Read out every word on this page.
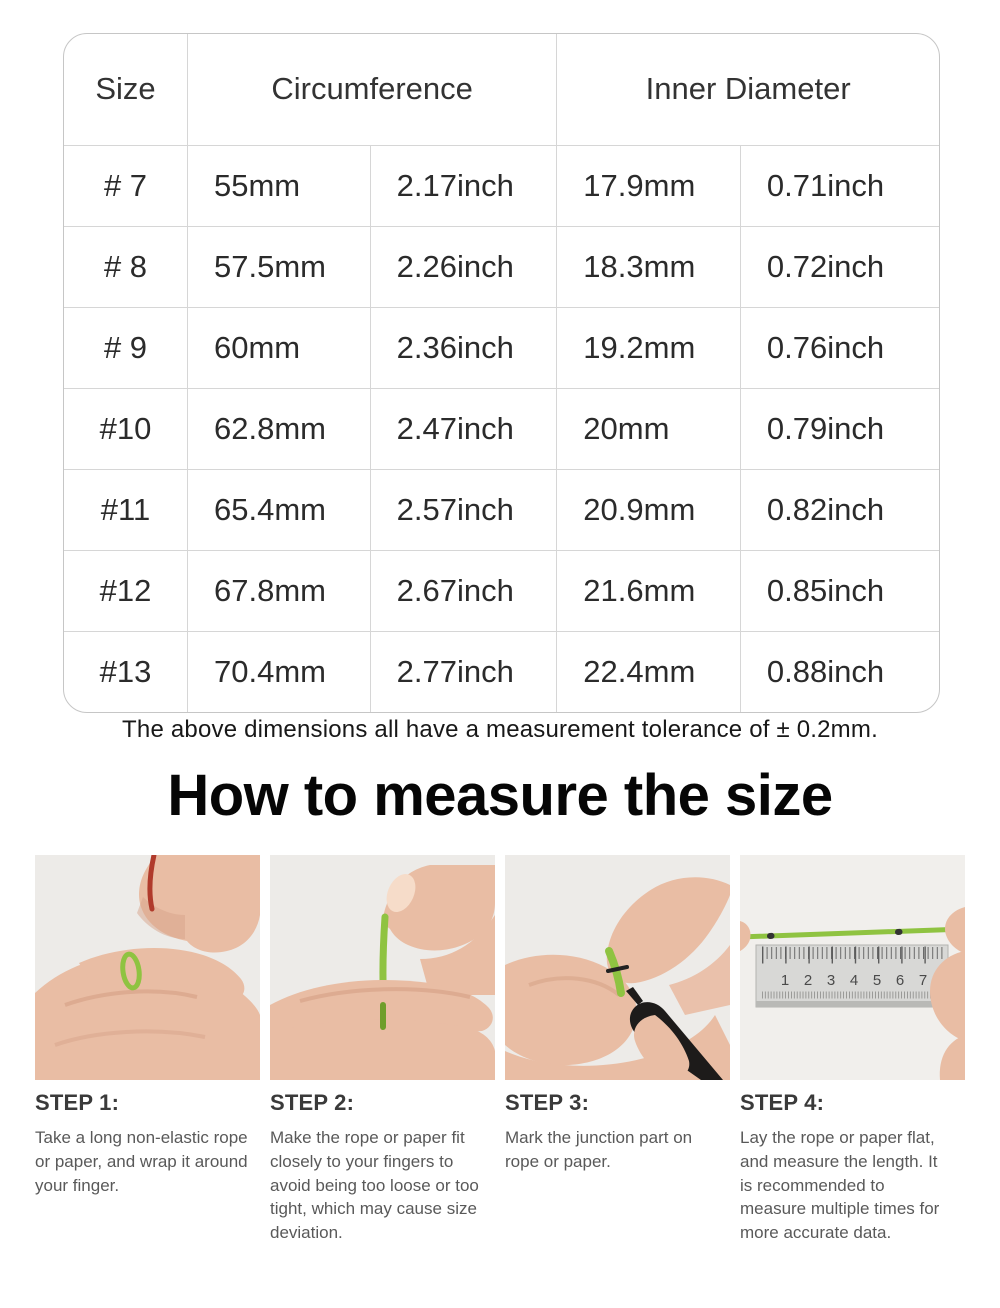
Size	Circumference		Inner Diameter	
# 7	55mm	2.17inch	17.9mm	0.71inch
# 8	57.5mm	2.26inch	18.3mm	0.72inch
# 9	60mm	2.36inch	19.2mm	0.76inch
#10	62.8mm	2.47inch	20mm	0.79inch
#11	65.4mm	2.57inch	20.9mm	0.82inch
#12	67.8mm	2.67inch	21.6mm	0.85inch
#13	70.4mm	2.77inch	22.4mm	0.88inch
The above dimensions all have a measurement tolerance of ± 0.2mm.
How to measure the size
1 2 3 4 5 6 7
STEP 1:
Take a long non-elastic rope or paper, and wrap it around your finger.
STEP 2:
Make the rope or paper fit closely to your fingers to avoid being too loose or too tight, which may cause size deviation.
STEP 3:
Mark the junction part on rope or paper.
STEP 4:
Lay the rope or paper flat, and measure the length. It is recommended to measure multiple times for more accurate data.
